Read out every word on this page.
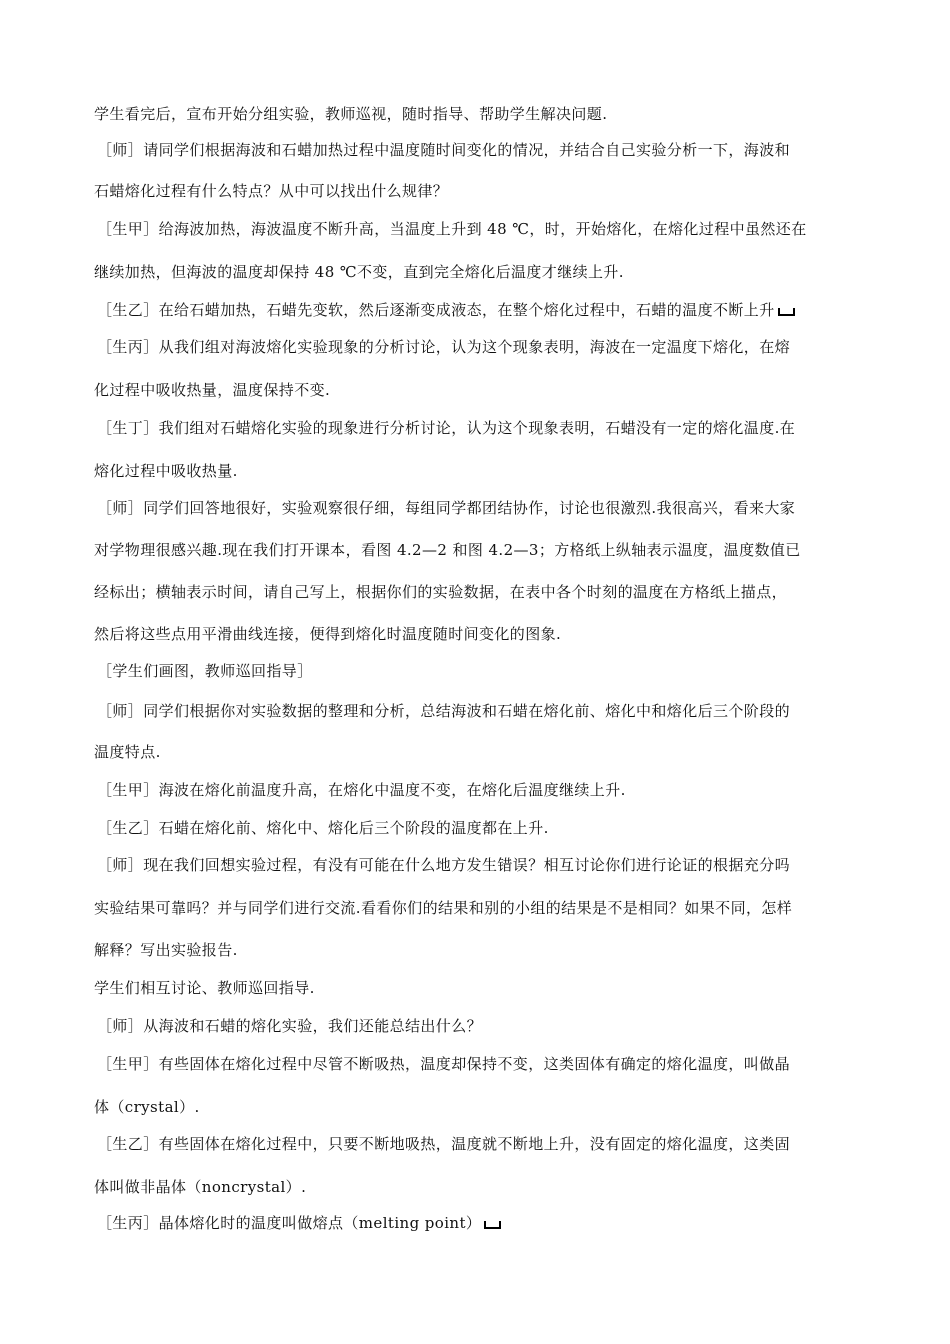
学生看完后，宣布开始分组实验，教师巡视，随时指导、帮助学生解决问题.
［师］请同学们根据海波和石蜡加热过程中温度随时间变化的情况，并结合自己实验分析一下，海波和
石蜡熔化过程有什么特点？从中可以找出什么规律？
［生甲］给海波加热，海波温度不断升高，当温度上升到 48 ℃，时，开始熔化，在熔化过程中虽然还在
继续加热，但海波的温度却保持 48 ℃不变，直到完全熔化后温度才继续上升.
［生乙］在给石蜡加热，石蜡先变软，然后逐渐变成液态，在整个熔化过程中，石蜡的温度不断上升
［生丙］从我们组对海波熔化实验现象的分析讨论，认为这个现象表明，海波在一定温度下熔化，在熔
化过程中吸收热量，温度保持不变.
［生丁］我们组对石蜡熔化实验的现象进行分析讨论，认为这个现象表明，石蜡没有一定的熔化温度.在
熔化过程中吸收热量.
［师］同学们回答地很好，实验观察很仔细，每组同学都团结协作，讨论也很激烈.我很高兴，看来大家
对学物理很感兴趣.现在我们打开课本，看图 4.2—2 和图 4.2—3；方格纸上纵轴表示温度，温度数值已
经标出；横轴表示时间，请自己写上，根据你们的实验数据，在表中各个时刻的温度在方格纸上描点，
然后将这些点用平滑曲线连接，便得到熔化时温度随时间变化的图象.
［学生们画图，教师巡回指导］
［师］同学们根据你对实验数据的整理和分析，总结海波和石蜡在熔化前、熔化中和熔化后三个阶段的
温度特点.
［生甲］海波在熔化前温度升高，在熔化中温度不变，在熔化后温度继续上升.
［生乙］石蜡在熔化前、熔化中、熔化后三个阶段的温度都在上升.
［师］现在我们回想实验过程，有没有可能在什么地方发生错误？相互讨论你们进行论证的根据充分吗
实验结果可靠吗？并与同学们进行交流.看看你们的结果和别的小组的结果是不是相同？如果不同，怎样
解释？写出实验报告.
学生们相互讨论、教师巡回指导.
［师］从海波和石蜡的熔化实验，我们还能总结出什么？
［生甲］有些固体在熔化过程中尽管不断吸热，温度却保持不变，这类固体有确定的熔化温度，叫做晶
体（crystal）.
［生乙］有些固体在熔化过程中，只要不断地吸热，温度就不断地上升，没有固定的熔化温度，这类固
体叫做非晶体（noncrystal）.
［生丙］晶体熔化时的温度叫做熔点（melting point）
